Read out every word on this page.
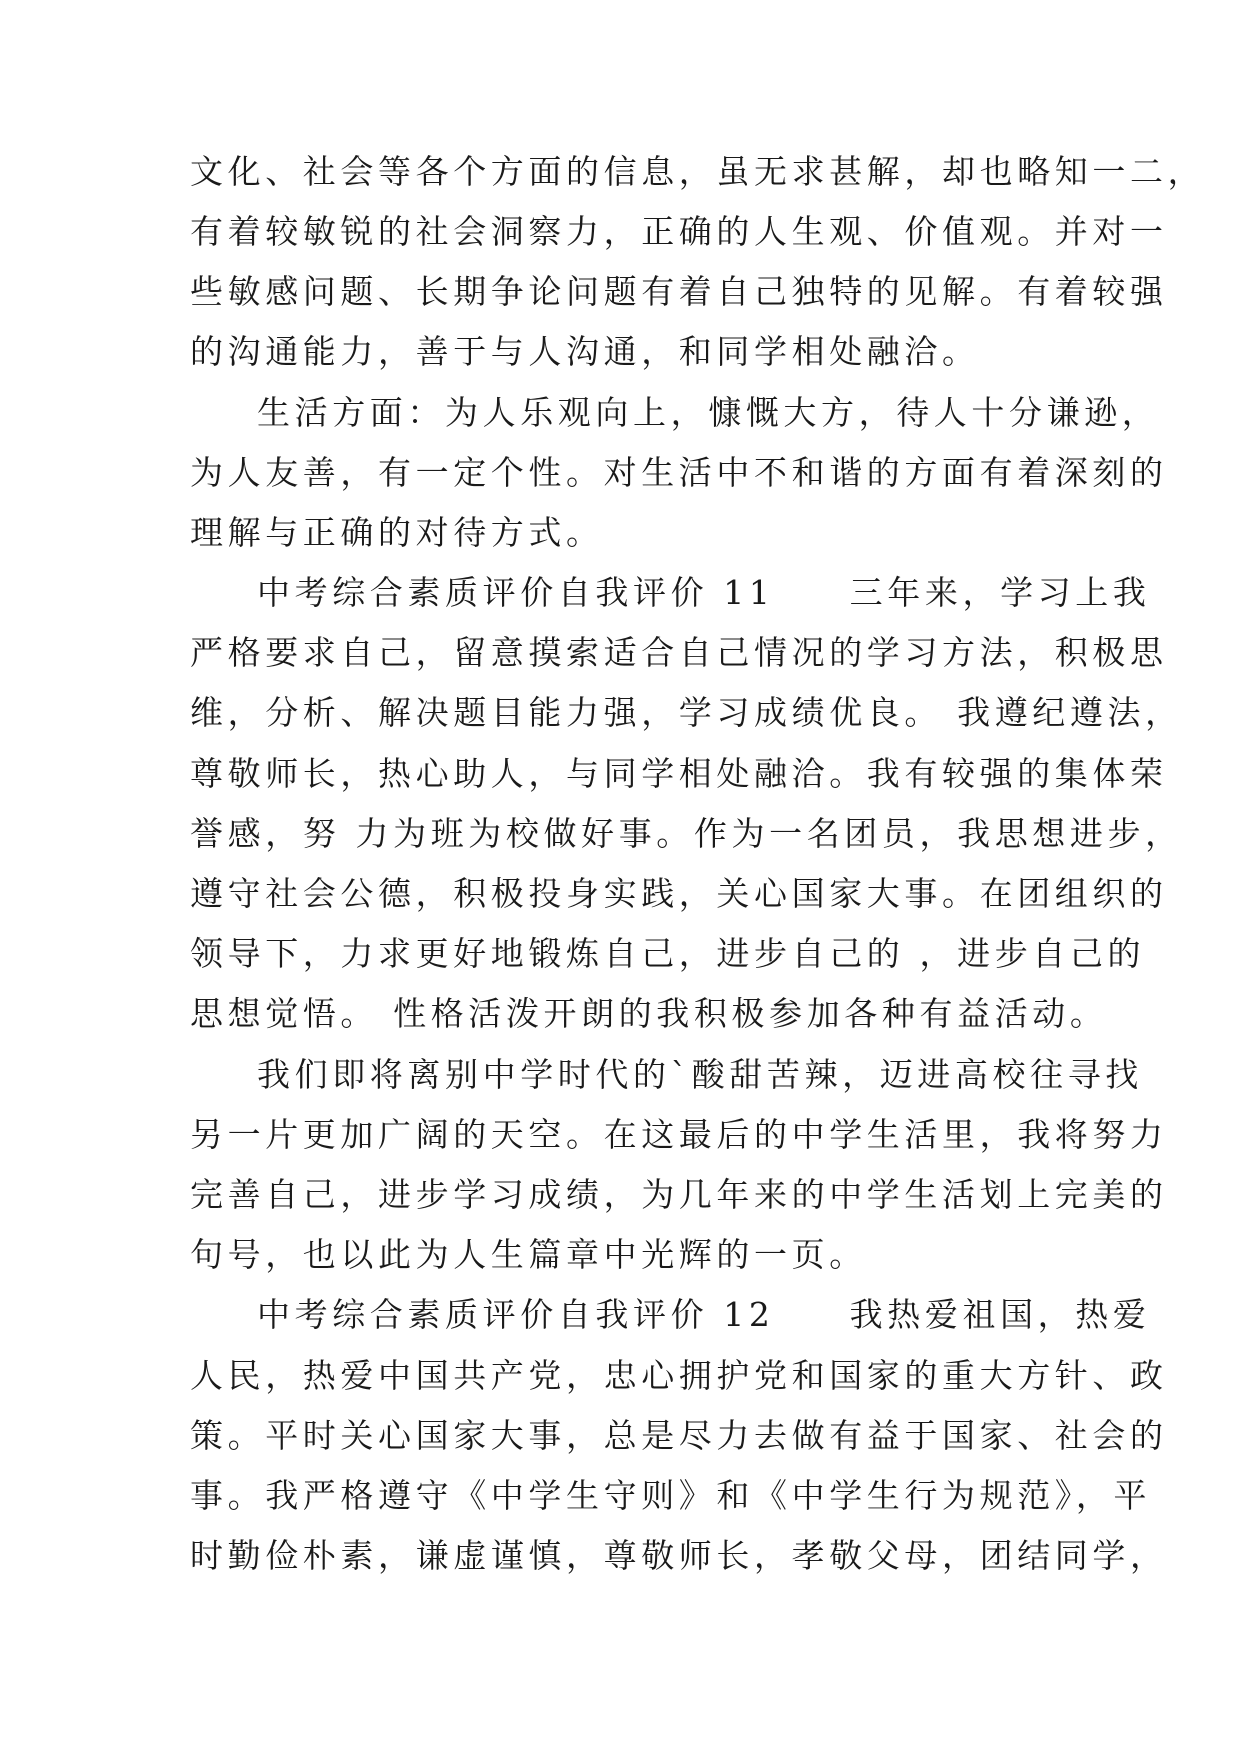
文化、社会等各个方面的信息，虽无求甚解，却也略知一二，

有着较敏锐的社会洞察力，正确的人生观、价值观。并对一

些敏感问题、长期争论问题有着自己独特的见解。有着较强

的沟通能力，善于与人沟通，和同学相处融洽。

生活方面：为人乐观向上，慷慨大方，待人十分谦逊，

为人友善，有一定个性。对生活中不和谐的方面有着深刻的

理解与正确的对待方式。

中考综合素质评价自我评价 11　　三年来，学习上我

严格要求自己，留意摸索适合自己情况的学习方法，积极思

维，分析、解决题目能力强，学习成绩优良。 我遵纪遵法，

尊敬师长，热心助人，与同学相处融洽。我有较强的集体荣

誉感，努 力为班为校做好事。作为一名团员，我思想进步，

遵守社会公德，积极投身实践，关心国家大事。在团组织的

领导下，力求更好地锻炼自己，进步自己的 ，进步自己的

思想觉悟。 性格活泼开朗的我积极参加各种有益活动。

我们即将离别中学时代的`酸甜苦辣，迈进高校往寻找

另一片更加广阔的天空。在这最后的中学生活里，我将努力

完善自己，进步学习成绩，为几年来的中学生活划上完美的

句号，也以此为人生篇章中光辉的一页。

中考综合素质评价自我评价 12　　我热爱祖国，热爱

人民，热爱中国共产党，忠心拥护党和国家的重大方针、政

策。平时关心国家大事，总是尽力去做有益于国家、社会的

事。我严格遵守《中学生守则》和《中学生行为规范》，平

时勤俭朴素，谦虚谨慎，尊敬师长，孝敬父母，团结同学，
